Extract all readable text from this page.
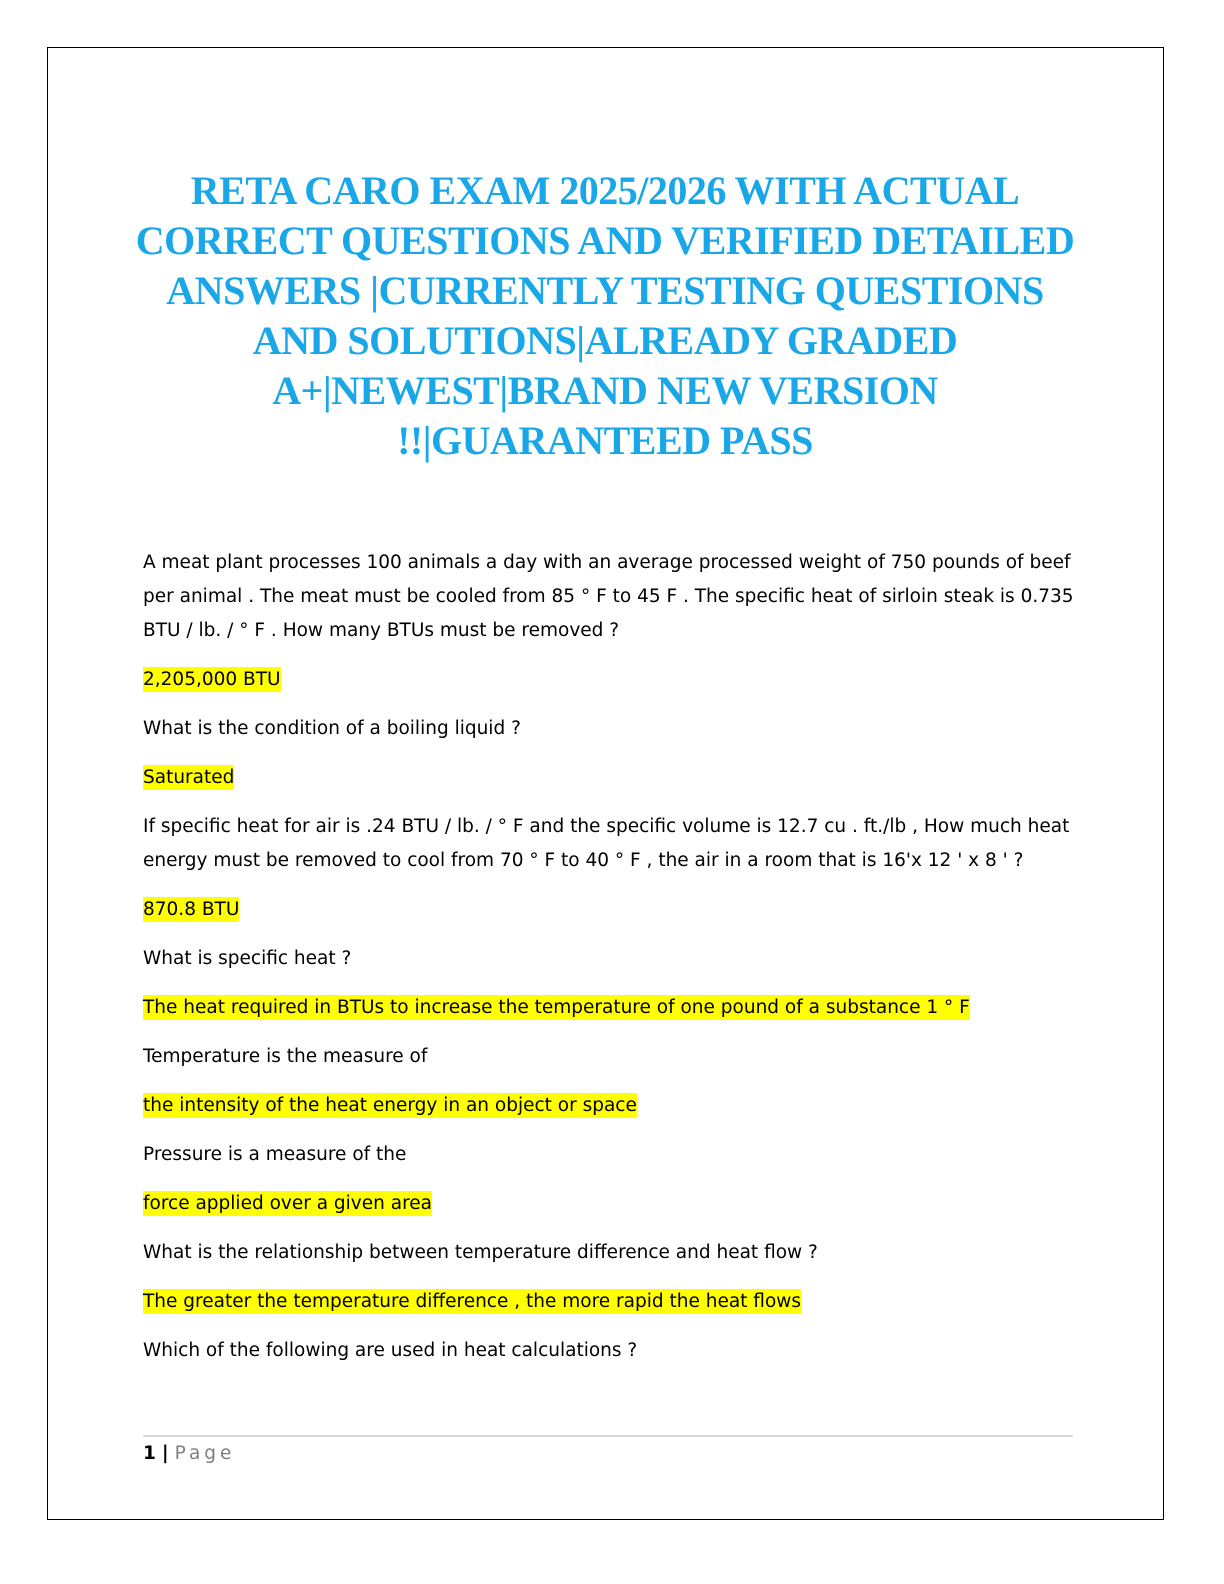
RETA CARO EXAM 2025/2026 WITH ACTUAL CORRECT QUESTIONS AND VERIFIED DETAILED ANSWERS |CURRENTLY TESTING QUESTIONS AND SOLUTIONS|ALREADY GRADED A+|NEWEST|BRAND NEW VERSION !!|GUARANTEED PASS

A meat plant processes 100 animals a day with an average processed weight of 750 pounds of beef per animal . The meat must be cooled from 85 ° F to 45 F . The specific heat of sirloin steak is 0.735 BTU / lb. / ° F . How many BTUs must be removed ?

2,205,000 BTU

What is the condition of a boiling liquid ?

Saturated

If specific heat for air is .24 BTU / lb. / ° F and the specific volume is 12.7 cu . ft./lb , How much heat energy must be removed to cool from 70 ° F to 40 ° F , the air in a room that is 16'x 12 ' x 8 ' ?

870.8 BTU

What is specific heat ?

The heat required in BTUs to increase the temperature of one pound of a substance 1 ° F

Temperature is the measure of

the intensity of the heat energy in an object or space

Pressure is a measure of the

force applied over a given area

What is the relationship between temperature difference and heat flow ?

The greater the temperature difference , the more rapid the heat flows

Which of the following are used in heat calculations ?

1 | Page
